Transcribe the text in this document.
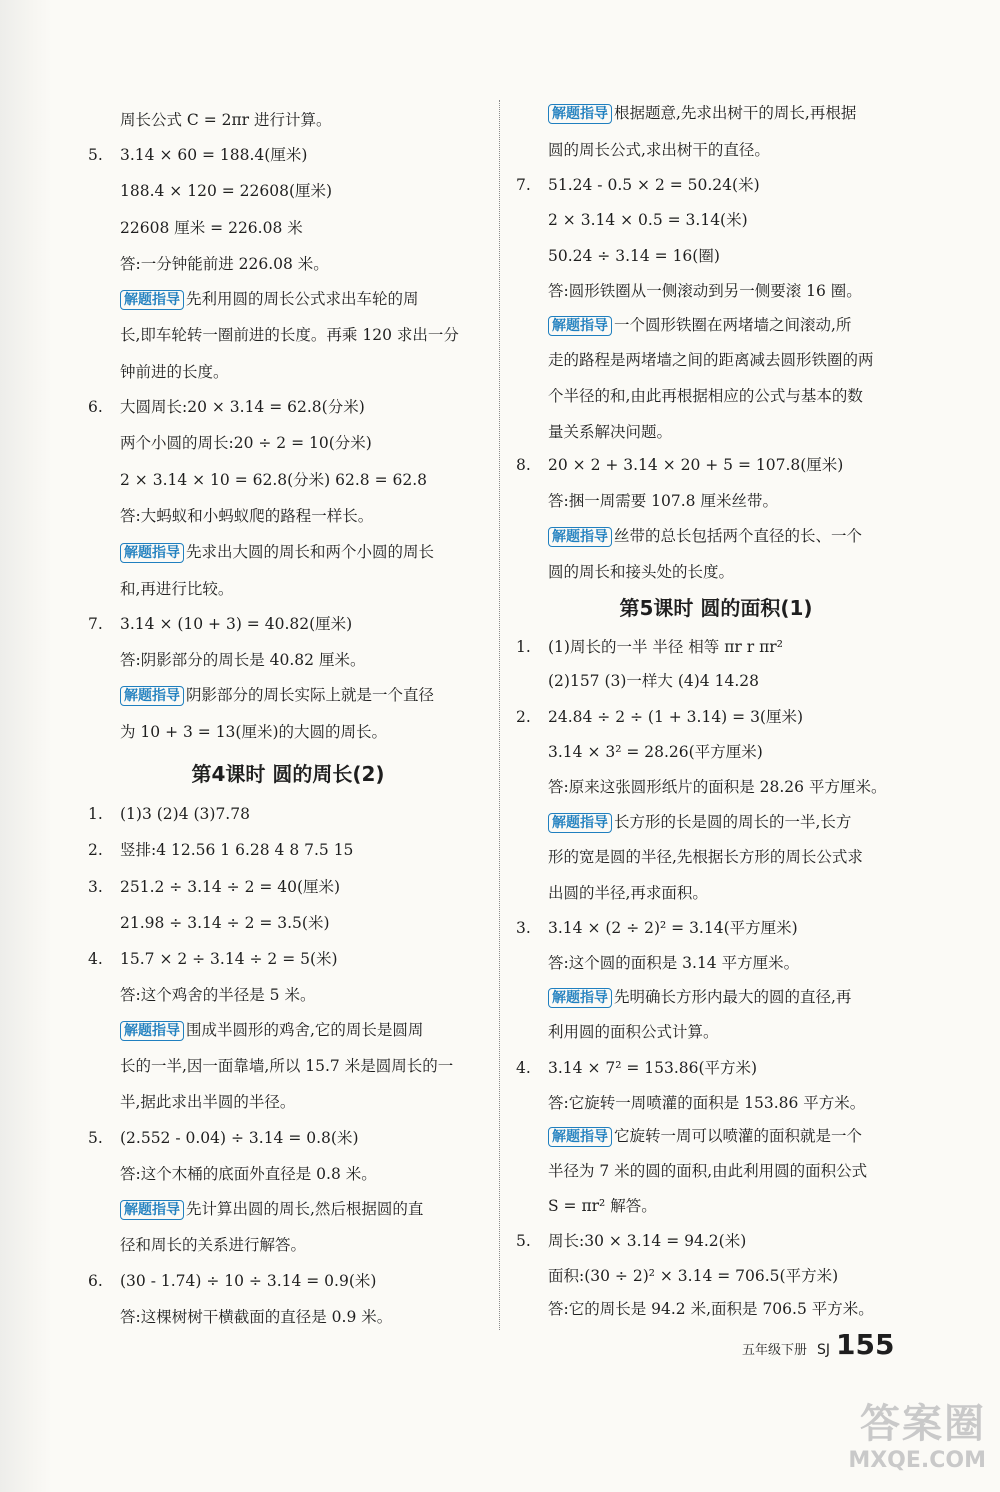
周长公式 C = 2πr 进行计算。
5. 3.14 × 60 = 188.4(厘米)
188.4 × 120 = 22608(厘米)
22608 厘米 = 226.08 米
答:一分钟能前进 226.08 米。
解题指导 先利用圆的周长公式求出车轮的周
长,即车轮转一圈前进的长度。再乘 120 求出一分
钟前进的长度。
6. 大圆周长:20 × 3.14 = 62.8(分米)
两个小圆的周长:20 ÷ 2 = 10(分米)
2 × 3.14 × 10 = 62.8(分米) 62.8 = 62.8
答:大蚂蚁和小蚂蚁爬的路程一样长。
解题指导 先求出大圆的周长和两个小圆的周长
和,再进行比较。
7. 3.14 × (10 + 3) = 40.82(厘米)
答:阴影部分的周长是 40.82 厘米。
解题指导 阴影部分的周长实际上就是一个直径
为 10 + 3 = 13(厘米)的大圆的周长。
第4课时 圆的周长(2)
1. (1)3 (2)4 (3)7.78
2. 竖排:4 12.56 1 6.28 4 8 7.5 15
3. 251.2 ÷ 3.14 ÷ 2 = 40(厘米)
21.98 ÷ 3.14 ÷ 2 = 3.5(米)
4. 15.7 × 2 ÷ 3.14 ÷ 2 = 5(米)
答:这个鸡舍的半径是 5 米。
解题指导 围成半圆形的鸡舍,它的周长是圆周
长的一半,因一面靠墙,所以 15.7 米是圆周长的一
半,据此求出半圆的半径。
5. (2.552 - 0.04) ÷ 3.14 = 0.8(米)
答:这个木桶的底面外直径是 0.8 米。
解题指导 先计算出圆的周长,然后根据圆的直
径和周长的关系进行解答。
6. (30 - 1.74) ÷ 10 ÷ 3.14 = 0.9(米)
答:这棵树树干横截面的直径是 0.9 米。
解题指导 根据题意,先求出树干的周长,再根据
圆的周长公式,求出树干的直径。
7. 51.24 - 0.5 × 2 = 50.24(米)
2 × 3.14 × 0.5 = 3.14(米)
50.24 ÷ 3.14 = 16(圈)
答:圆形铁圈从一侧滚动到另一侧要滚 16 圈。
解题指导 一个圆形铁圈在两堵墙之间滚动,所
走的路程是两堵墙之间的距离减去圆形铁圈的两
个半径的和,由此再根据相应的公式与基本的数
量关系解决问题。
8. 20 × 2 + 3.14 × 20 + 5 = 107.8(厘米)
答:捆一周需要 107.8 厘米丝带。
解题指导 丝带的总长包括两个直径的长、一个
圆的周长和接头处的长度。
第5课时 圆的面积(1)
1. (1)周长的一半 半径 相等 πr r πr²
(2)157 (3)一样大 (4)4 14.28
2. 24.84 ÷ 2 ÷ (1 + 3.14) = 3(厘米)
3.14 × 3² = 28.26(平方厘米)
答:原来这张圆形纸片的面积是 28.26 平方厘米。
解题指导 长方形的长是圆的周长的一半,长方
形的宽是圆的半径,先根据长方形的周长公式求
出圆的半径,再求面积。
3. 3.14 × (2 ÷ 2)² = 3.14(平方厘米)
答:这个圆的面积是 3.14 平方厘米。
解题指导 先明确长方形内最大的圆的直径,再
利用圆的面积公式计算。
4. 3.14 × 7² = 153.86(平方米)
答:它旋转一周喷灌的面积是 153.86 平方米。
解题指导 它旋转一周可以喷灌的面积就是一个
半径为 7 米的圆的面积,由此利用圆的面积公式
S = πr² 解答。
5. 周长:30 × 3.14 = 94.2(米)
面积:(30 ÷ 2)² × 3.14 = 706.5(平方米)
答:它的周长是 94.2 米,面积是 706.5 平方米。
五年级下册 SJ 155
答案圈
MXQE.COM
